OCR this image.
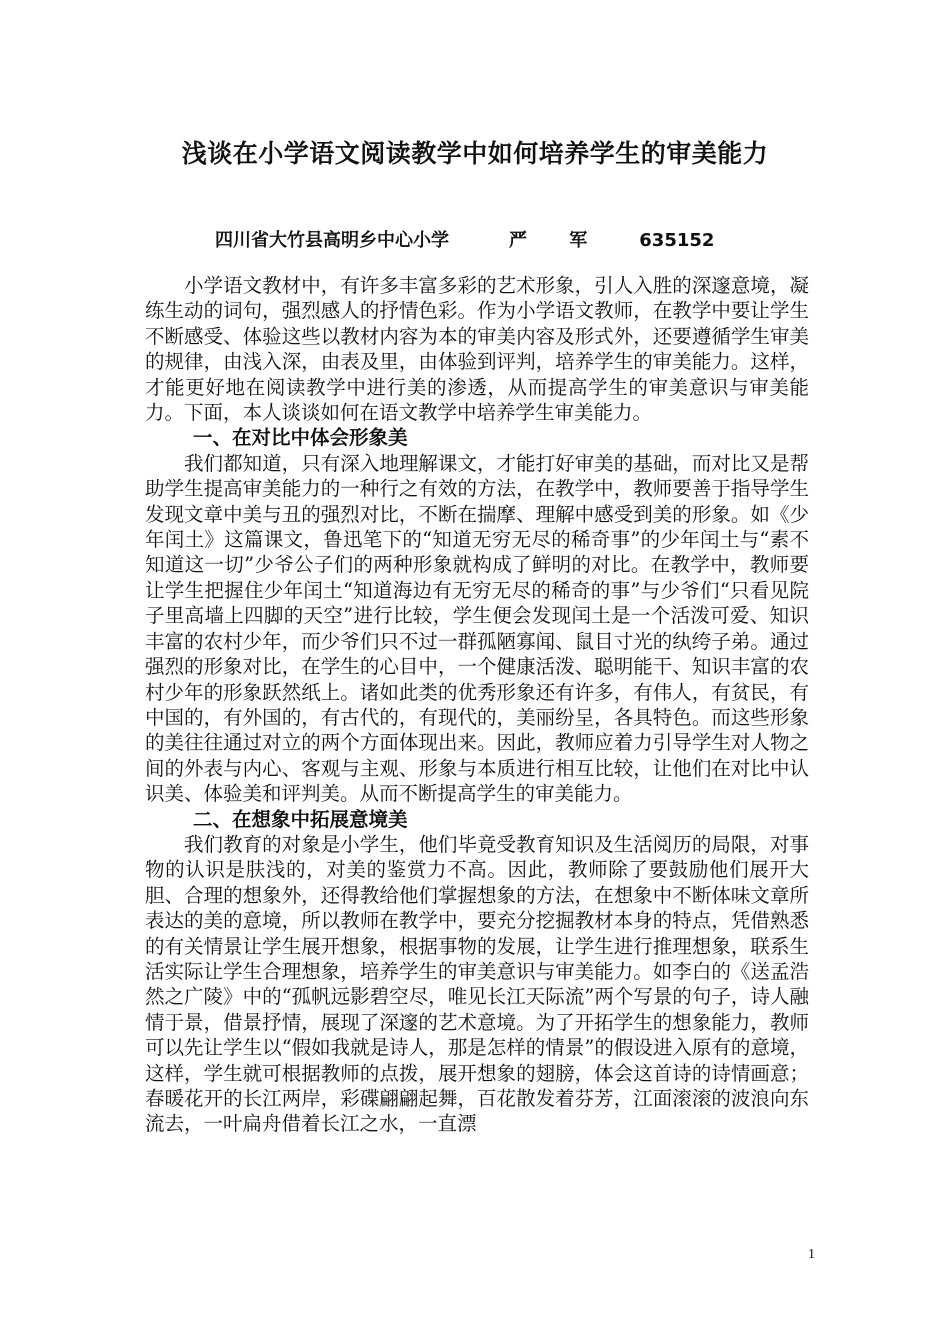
浅谈在小学语文阅读教学中如何培养学生的审美能力
四川省大竹县高明乡中心小学	严 军 635152

小学语文教材中，有许多丰富多彩的艺术形象，引人入胜的深邃意境，凝练生动的词句，强烈感人的抒情色彩。作为小学语文教师，在教学中要让学生不断感受、体验这些以教材内容为本的审美内容及形式外，还要遵循学生审美的规律，由浅入深，由表及里，由体验到评判，培养学生的审美能力。这样，才能更好地在阅读教学中进行美的渗透，从而提高学生的审美意识与审美能力。下面，本人谈谈如何在语文教学中培养学生审美能力。

一、在对比中体会形象美

我们都知道，只有深入地理解课文，才能打好审美的基础，而对比又是帮助学生提高审美能力的一种行之有效的方法，在教学中，教师要善于指导学生发现文章中美与丑的强烈对比，不断在揣摩、理解中感受到美的形象。如《少年闰土》这篇课文，鲁迅笔下的“知道无穷无尽的稀奇事”的少年闰土与“素不知道这一切”少爷公子们的两种形象就构成了鲜明的对比。在教学中，教师要让学生把握住少年闰土“知道海边有无穷无尽的稀奇的事”与少爷们“只看见院子里高墙上四脚的天空”进行比较，学生便会发现闰土是一个活泼可爱、知识丰富的农村少年，而少爷们只不过一群孤陋寡闻、鼠目寸光的纨绔子弟。通过强烈的形象对比，在学生的心目中，一个健康活泼、聪明能干、知识丰富的农村少年的形象跃然纸上。诸如此类的优秀形象还有许多，有伟人，有贫民，有中国的，有外国的，有古代的，有现代的，美丽纷呈，各具特色。而这些形象的美往往通过对立的两个方面体现出来。因此，教师应着力引导学生对人物之间的外表与内心、客观与主观、形象与本质进行相互比较，让他们在对比中认识美、体验美和评判美。从而不断提高学生的审美能力。

二、在想象中拓展意境美

我们教育的对象是小学生，他们毕竟受教育知识及生活阅历的局限，对事物的认识是肤浅的，对美的鉴赏力不高。因此，教师除了要鼓励他们展开大胆、合理的想象外，还得教给他们掌握想象的方法，在想象中不断体味文章所表达的美的意境，所以教师在教学中，要充分挖掘教材本身的特点，凭借熟悉的有关情景让学生展开想象，根据事物的发展，让学生进行推理想象，联系生活实际让学生合理想象，培养学生的审美意识与审美能力。如李白的《送孟浩然之广陵》中的“孤帆远影碧空尽，唯见长江天际流”两个写景的句子，诗人融情于景，借景抒情，展现了深邃的艺术意境。为了开拓学生的想象能力，教师可以先让学生以“假如我就是诗人，那是怎样的情景”的假设进入原有的意境，这样，学生就可根据教师的点拨，展开想象的翅膀，体会这首诗的诗情画意；春暖花开的长江两岸，彩碟翩翩起舞，百花散发着芬芳，江面滚滚的波浪向东流去，一叶扁舟借着长江之水，一直漂

1
